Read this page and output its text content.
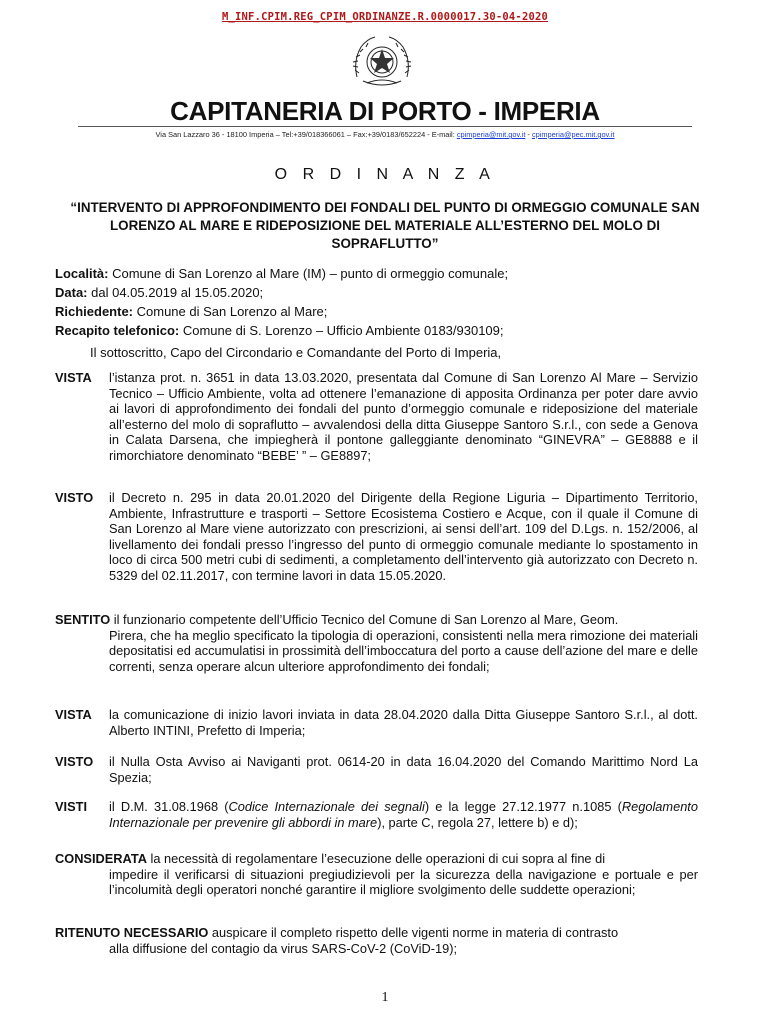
M_INF.CPIM.REG_CPIM_ORDINANZE.R.0000017.30-04-2020
CAPITANERIA DI PORTO - IMPERIA
Via San Lazzaro 36 - 18100 Imperia – Tel:+39/018366061 – Fax:+39/0183/652224 - E-mail: cpimperia@mit.gov.it - cpimperia@pec.mit.gov.it
O R D I N A N Z A
“INTERVENTO DI APPROFONDIMENTO DEI FONDALI DEL PUNTO DI ORMEGGIO COMUNALE SAN LORENZO AL MARE E RIDEPOSIZIONE DEL MATERIALE ALL’ESTERNO DEL MOLO DI SOPRAFLUTTO”

Località: Comune di San Lorenzo al Mare (IM) – punto di ormeggio comunale;

Data: dal 04.05.2019 al 15.05.2020;

Richiedente: Comune di San Lorenzo al Mare;

Recapito telefonico: Comune di S. Lorenzo – Ufficio Ambiente 0183/930109;

Il sottoscritto, Capo del Circondario e Comandante del Porto di Imperia,
VISTA l’istanza prot. n. 3651 in data 13.03.2020, presentata dal Comune di San Lorenzo Al Mare – Servizio Tecnico – Ufficio Ambiente, volta ad ottenere l’emanazione di apposita Ordinanza per poter dare avvio ai lavori di approfondimento dei fondali del punto d’ormeggio comunale e rideposizione del materiale all’esterno del molo di sopraflutto – avvalendosi della ditta Giuseppe Santoro S.r.l., con sede a Genova in Calata Darsena, che impiegherà il pontone galleggiante denominato “GINEVRA” – GE8888 e il rimorchiatore denominato “BEBE’ ” – GE8897;
VISTO il Decreto n. 295 in data 20.01.2020 del Dirigente della Regione Liguria – Dipartimento Territorio, Ambiente, Infrastrutture e trasporti – Settore Ecosistema Costiero e Acque, con il quale il Comune di San Lorenzo al Mare viene autorizzato con prescrizioni, ai sensi dell’art. 109 del D.Lgs. n. 152/2006, al livellamento dei fondali presso l’ingresso del punto di ormeggio comunale mediante lo spostamento in loco di circa 500 metri cubi di sedimenti, a completamento dell’intervento già autorizzato con Decreto n. 5329 del 02.11.2017, con termine lavori in data 15.05.2020.
SENTITO il funzionario competente dell’Ufficio Tecnico del Comune di San Lorenzo al Mare, Geom.
Pirera, che ha meglio specificato la tipologia di operazioni, consistenti nella mera rimozione dei materiali depositatisi ed accumulatisi in prossimità dell’imboccatura del porto a cause dell’azione del mare e delle correnti, senza operare alcun ulteriore approfondimento dei fondali;
VISTA la comunicazione di inizio lavori inviata in data 28.04.2020 dalla Ditta Giuseppe Santoro S.r.l., al dott. Alberto INTINI, Prefetto di Imperia;
VISTO il Nulla Osta Avviso ai Naviganti prot. 0614-20 in data 16.04.2020 del Comando Marittimo Nord La Spezia;
VISTI il D.M. 31.08.1968 (Codice Internazionale dei segnali) e la legge 27.12.1977 n.1085 (Regolamento Internazionale per prevenire gli abbordi in mare), parte C, regola 27, lettere b) e d);
CONSIDERATA la necessità di regolamentare l’esecuzione delle operazioni di cui sopra al fine di
impedire il verificarsi di situazioni pregiudizievoli per la sicurezza della navigazione e portuale e per l’incolumità degli operatori nonché garantire il migliore svolgimento delle suddette operazioni;
RITENUTO NECESSARIO auspicare il completo rispetto delle vigenti norme in materia di contrasto
alla diffusione del contagio da virus SARS-CoV-2 (CoViD-19);
1
